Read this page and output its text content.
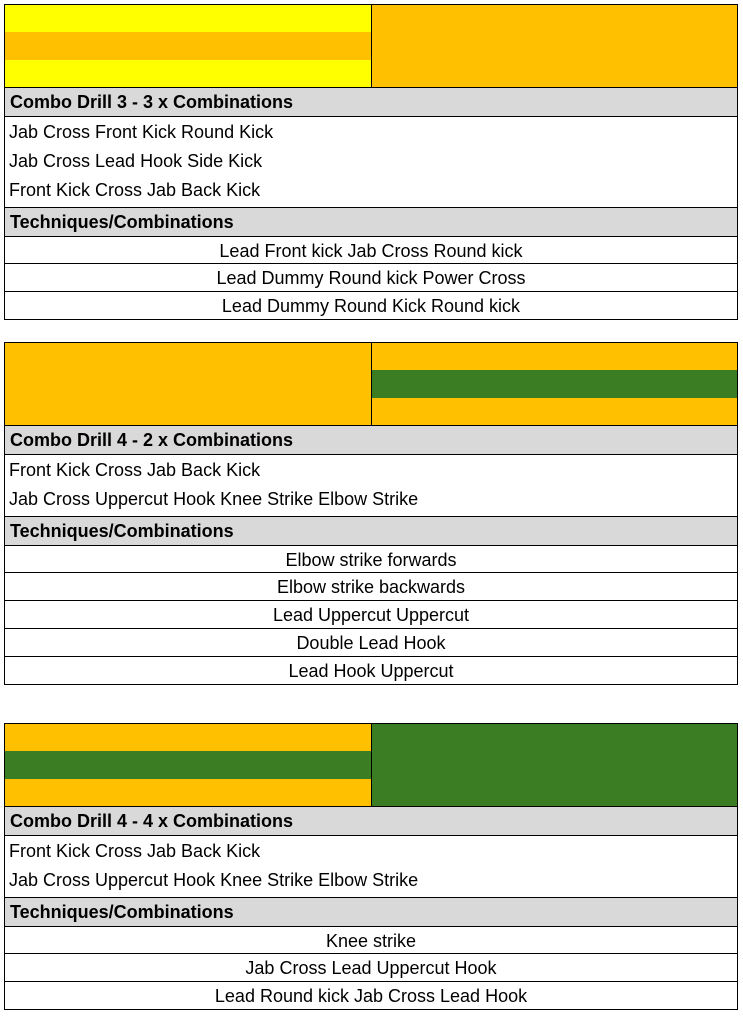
Combo Drill 3 - 3 x Combinations
Jab Cross Front Kick Round Kick
Jab Cross Lead Hook Side Kick
Front Kick Cross Jab Back Kick
Techniques/Combinations
Lead Front kick Jab Cross Round kick
Lead Dummy Round kick Power Cross
Lead Dummy Round Kick Round kick
Combo Drill 4 - 2 x Combinations
Front Kick Cross Jab Back Kick
Jab Cross Uppercut Hook Knee Strike Elbow Strike
Techniques/Combinations
Elbow strike forwards
Elbow strike backwards
Lead Uppercut Uppercut
Double Lead Hook
Lead Hook Uppercut
Combo Drill 4 - 4 x Combinations
Front Kick Cross Jab Back Kick
Jab Cross Uppercut Hook Knee Strike Elbow Strike
Techniques/Combinations
Knee strike
Jab Cross Lead Uppercut Hook
Lead Round kick Jab Cross Lead Hook
